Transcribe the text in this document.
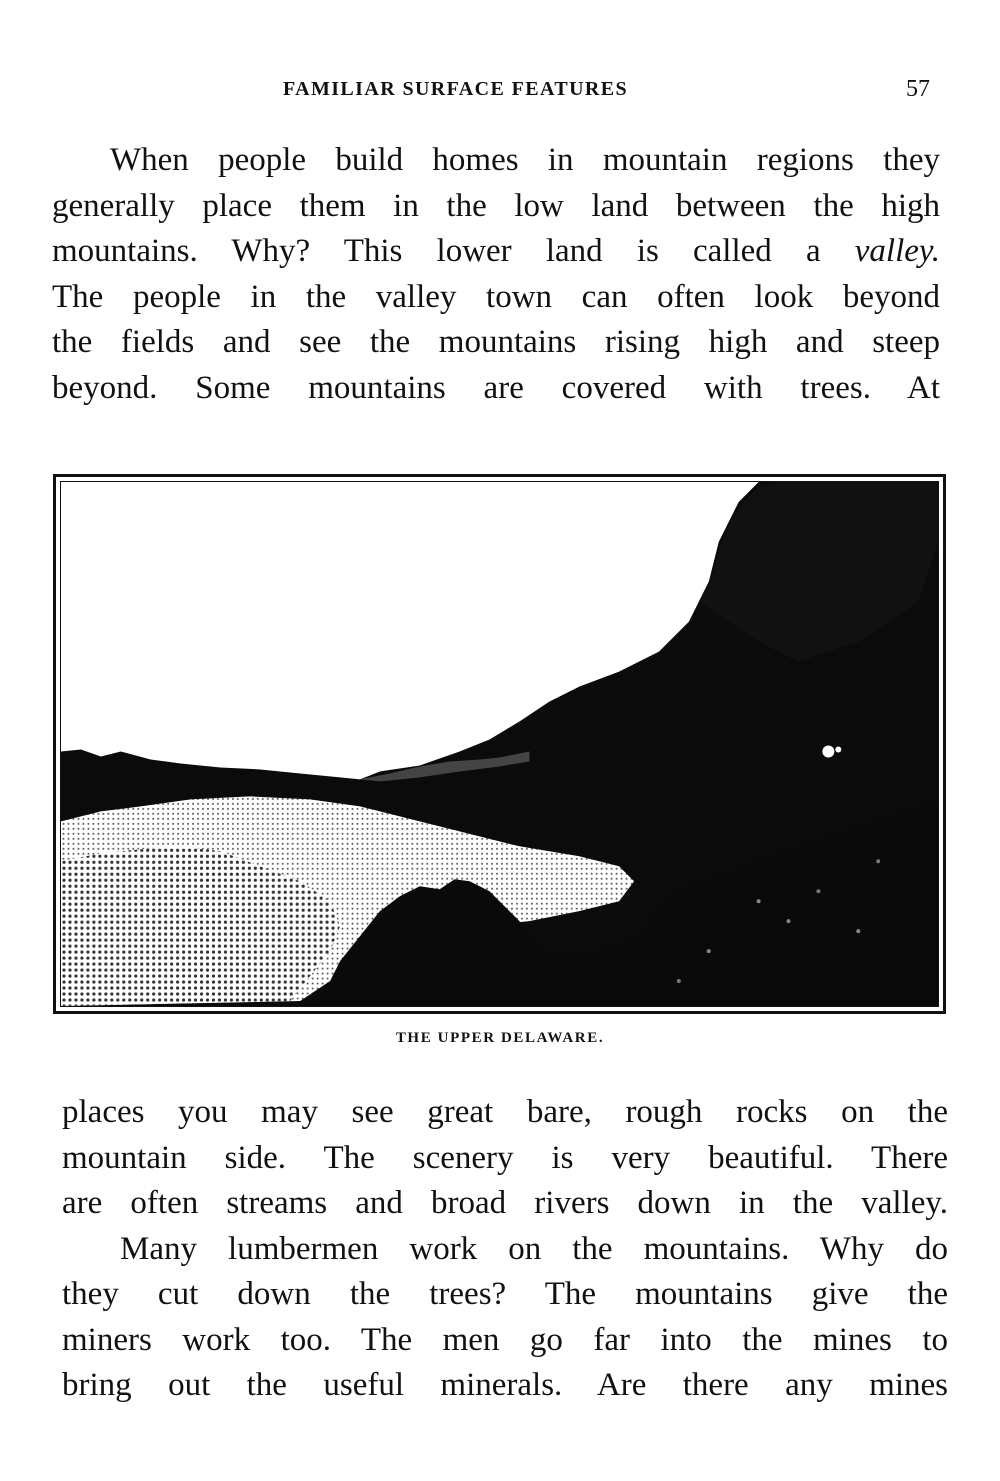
FAMILIAR SURFACE FEATURES	57
When people build homes in mountain regions they
generally place them in the low land between the high
mountains. Why? This lower land is called a valley.
The people in the valley town can often look beyond
the fields and see the mountains rising high and steep
beyond. Some mountains are covered with trees. At
THE UPPER DELAWARE.
places you may see great bare, rough rocks on the
mountain side. The scenery is very beautiful. There
are often streams and broad rivers down in the valley.
Many lumbermen work on the mountains. Why do
they cut down the trees? The mountains give the
miners work too. The men go far into the mines to
bring out the useful minerals. Are there any mines
